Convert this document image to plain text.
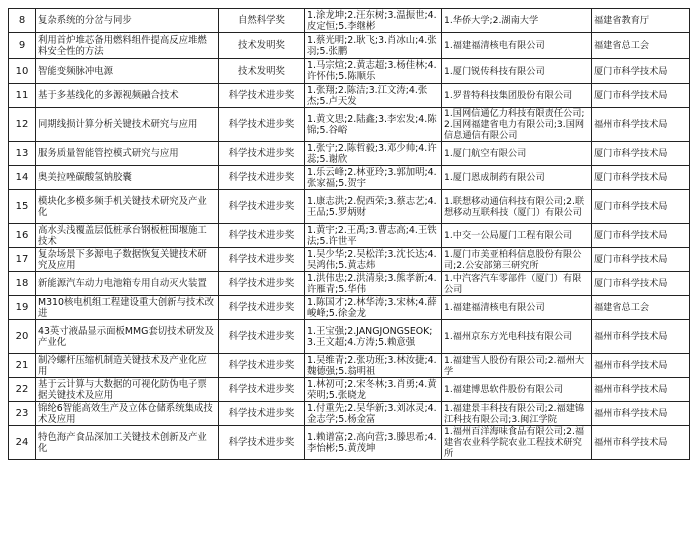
8	复杂系统的分岔与同步	自然科学奖	1.涂龙坤;2.汪东树;3.温振世;4.皮定恒;5.李继彬	1.华侨大学;2.湖南大学	福建省教育厅
9	利用首炉堆芯备用燃料组件提高反应堆燃料安全性的方法	技术发明奖	1.蔡光明;2.耿飞;3.肖冰山;4.张羽;5.张鹏	1.福建福清核电有限公司	福建省总工会
10	智能变频脉冲电源	技术发明奖	1.马宗煊;2.黄志超;3.杨佳林;4.许怀伟;5.陈顺乐	1.厦门锐传科技有限公司	厦门市科学技术局
11	基于多基线化的多源视频融合技术	科学技术进步奖	1.张翔;2.陈洁;3.江文涛;4.张杰;5.卢天发	1.罗普特科技集团股份有限公司	厦门市科学技术局
12	同期线损计算分析关键技术研究与应用	科学技术进步奖	1.黄文思;2.陆鑫;3.李宏发;4.陈锦;5.谷峪	1.国网信通亿力科技有限责任公司;2.国网福建省电力有限公司;3.国网信息通信有限公司	福州市科学技术局
13	服务质量智能管控模式研究与应用	科学技术进步奖	1.张宁;2.陈哲毅;3.邓少帅;4.许蕊;5.谢欣	1.厦门航空有限公司	厦门市科学技术局
14	奥美拉唑碳酸氢钠胶囊	科学技术进步奖	1.乐云峰;2.林亚玲;3.郭加明;4.张家福;5.贺宇	1.厦门恩成制药有限公司	厦门市科学技术局
15	模块化多模多频手机关键技术研究及产业化	科学技术进步奖	1.康志洪;2.倪西荣;3.蔡志艺;4.王品;5.罗炳财	1.联想移动通信科技有限公司;2.联想移动互联科技（厦门）有限公司	厦门市科学技术局
16	高水头浅覆盖层低桩承台钢板桩围堰施工技术	科学技术进步奖	1.黄宇;2.王禹;3.曹志高;4.王铁法;5.许世平	1.中交一公局厦门工程有限公司	厦门市科学技术局
17	复杂场景下多源电子数据恢复关键技术研究及应用	科学技术进步奖	1.吴少华;2.吴松洋;3.沈长达;4.吴鸿伟;5.黄志炜	1.厦门市美亚柏科信息股份有限公司;2.公安部第三研究所	厦门市科学技术局
18	新能源汽车动力电池箱专用自动灭火装置	科学技术进步奖	1.洪伟忠;2.洪清泉;3.熊孝新;4.许雁青;5.华伟	1.中汽客汽车零部件（厦门）有限公司	厦门市科学技术局
19	M310核电机组工程建设重大创新与技术改进	科学技术进步奖	1.陈国才;2.林华涛;3.宋林;4.薛峻峰;5.徐金龙	1.福建福清核电有限公司	福建省总工会
20	43英寸液晶显示面板MMG套切技术研发及产业化	科学技术进步奖	1.王宝强;2.JANGJONGSEOK;3.王文超;4.方涛;5.赖意强	1.福州京东方光电科技有限公司	福州市科学技术局
21	制冷螺杆压缩机制造关键技术及产业化应用	科学技术进步奖	1.吴维青;2.张功班;3.林汝捷;4.魏德强;5.翁明祖	1.福建雪人股份有限公司;2.福州大学	福州市科学技术局
22	基于云计算与大数据的可视化防伪电子票据关键技术及应用	科学技术进步奖	1.林初可;2.宋冬林;3.肖勇;4.黄荣明;5.张晓龙	1.福建博思软件股份有限公司	福州市科学技术局
23	锦纶6智能高效生产及立体仓储系统集成技术及应用	科学技术进步奖	1.付重先;2.吴华新;3.刘冰灵;4.金志学;5.杨金富	1.福建景丰科技有限公司;2.福建锦江科技有限公司;3.闽江学院	福州市科学技术局
24	特色海产食品深加工关键技术创新及产业化	科学技术进步奖	1.赖谱富;2.高向营;3.滕思希;4.李怡彬;5.黄茂坤	1.福州百洋海味食品有限公司;2.福建省农业科学院农业工程技术研究所	福州市科学技术局
